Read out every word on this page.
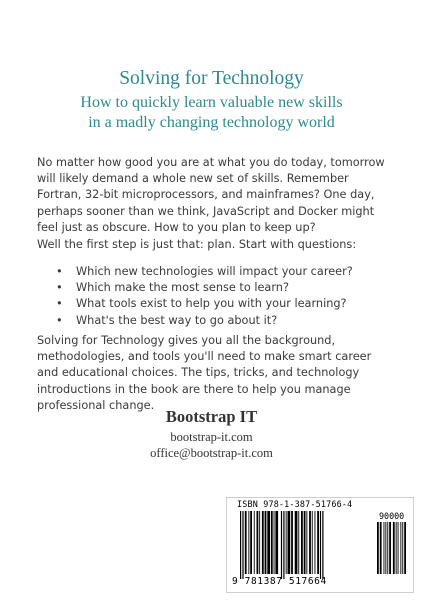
Solving for Technology
How to quickly learn valuable new skills
in a madly changing technology world

No matter how good you are at what you do today, tomorrow will likely demand a whole new set of skills. Remember Fortran, 32-bit microprocessors, and mainframes? One day, perhaps sooner than we think, JavaScript and Docker might feel just as obscure. How to you plan to keep up?

Well the first step is just that: plan. Start with questions:

• Which new technologies will impact your career?
• Which make the most sense to learn?
• What tools exist to help you with your learning?
• What's the best way to go about it?

Solving for Technology gives you all the background, methodologies, and tools you'll need to make smart career and educational choices. The tips, tricks, and technology introductions in the book are there to help you manage professional change.

Bootstrap IT
bootstrap-it.com
office@bootstrap-it.com
ISBN 978-1-387-51766-4
90000
9 781387 517664
